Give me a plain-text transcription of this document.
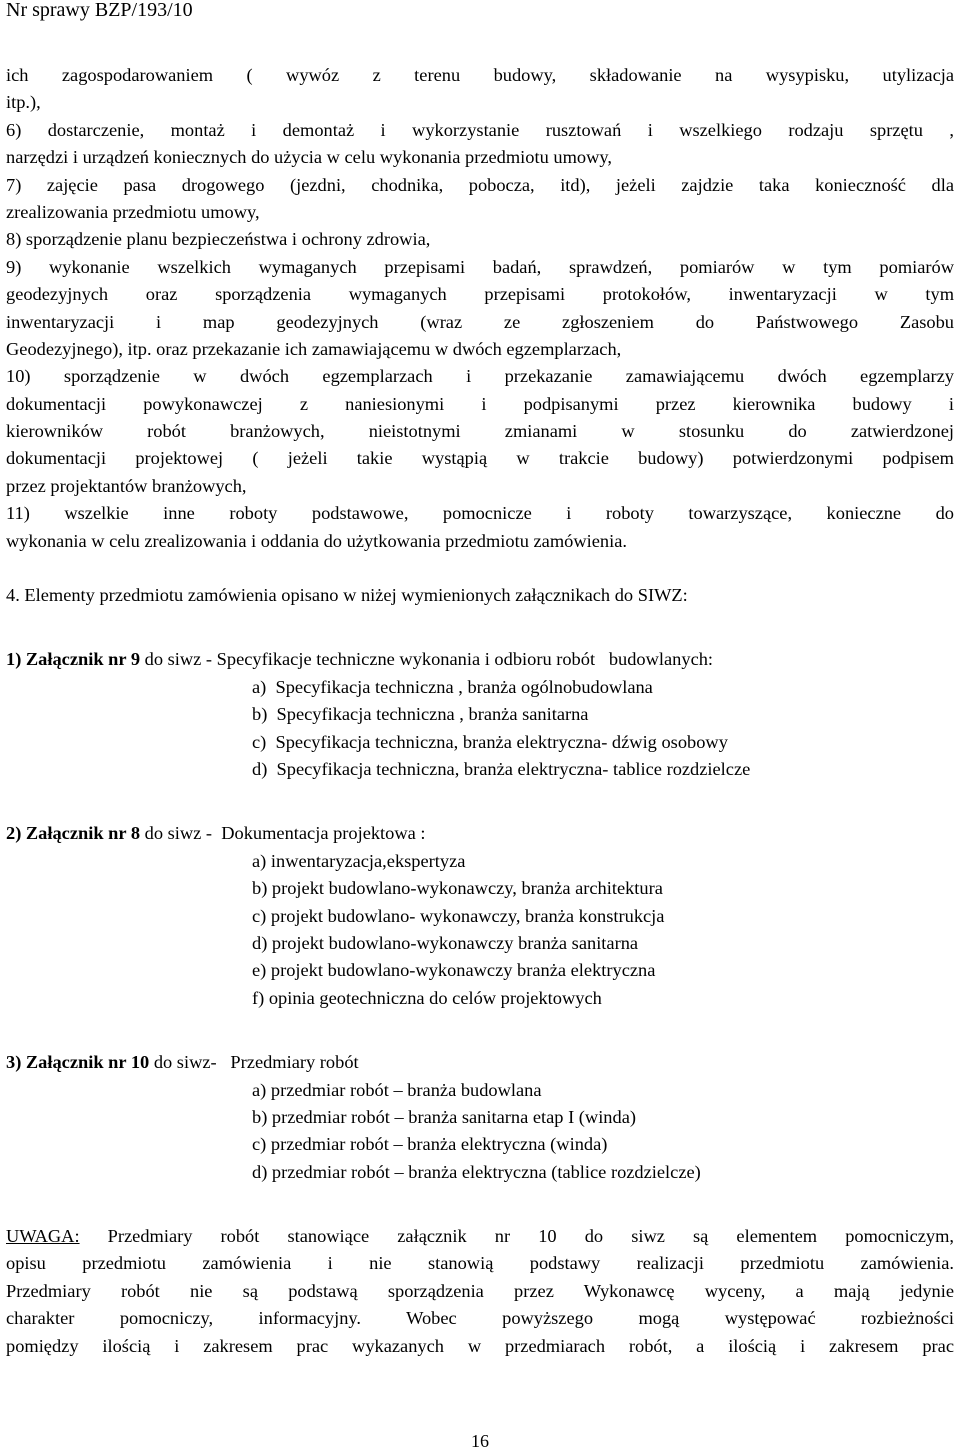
Nr sprawy BZP/193/10
ich zagospodarowaniem ( wywóz z terenu budowy, składowanie na wysypisku, utylizacja
itp.),
6) dostarczenie, montaż i demontaż i wykorzystanie rusztowań i wszelkiego rodzaju sprzętu ,
narzędzi i urządzeń koniecznych do użycia w celu wykonania przedmiotu umowy,
7) zajęcie pasa drogowego (jezdni, chodnika, pobocza, itd), jeżeli zajdzie taka konieczność dla
zrealizowania przedmiotu umowy,
8) sporządzenie planu bezpieczeństwa i ochrony zdrowia,
9) wykonanie wszelkich wymaganych przepisami badań, sprawdzeń, pomiarów w tym pomiarów
geodezyjnych oraz sporządzenia wymaganych przepisami protokołów, inwentaryzacji w tym
inwentaryzacji i map geodezyjnych (wraz ze zgłoszeniem do Państwowego Zasobu
Geodezyjnego), itp. oraz przekazanie ich zamawiającemu w dwóch egzemplarzach,
10) sporządzenie w dwóch egzemplarzach i przekazanie zamawiającemu dwóch egzemplarzy
dokumentacji powykonawczej z naniesionymi i podpisanymi przez kierownika budowy i
kierowników robót branżowych, nieistotnymi zmianami w stosunku do zatwierdzonej
dokumentacji projektowej ( jeżeli takie wystąpią w trakcie budowy) potwierdzonymi podpisem
przez projektantów branżowych,
11) wszelkie inne roboty podstawowe, pomocnicze i roboty towarzyszące, konieczne do
wykonania w celu zrealizowania i oddania do użytkowania przedmiotu zamówienia.
4. Elementy przedmiotu zamówienia opisano w niżej wymienionych załącznikach do SIWZ:
1) Załącznik nr 9 do siwz - Specyfikacje techniczne wykonania i odbioru robót   budowlanych:
a)  Specyfikacja techniczna , branża ogólnobudowlana
b)  Specyfikacja techniczna , branża sanitarna
c)  Specyfikacja techniczna, branża elektryczna- dźwig osobowy
d)  Specyfikacja techniczna, branża elektryczna- tablice rozdzielcze
2) Załącznik nr 8 do siwz -  Dokumentacja projektowa :
a) inwentaryzacja,ekspertyza
b) projekt budowlano-wykonawczy, branża architektura
c) projekt budowlano- wykonawczy, branża konstrukcja
d) projekt budowlano-wykonawczy branża sanitarna
e) projekt budowlano-wykonawczy branża elektryczna
f) opinia geotechniczna do celów projektowych
3) Załącznik nr 10 do siwz-   Przedmiary robót
a) przedmiar robót – branża budowlana
b) przedmiar robót – branża sanitarna etap I (winda)
c) przedmiar robót – branża elektryczna (winda)
d) przedmiar robót – branża elektryczna (tablice rozdzielcze)
UWAGA: Przedmiary robót stanowiące załącznik nr 10 do siwz są elementem pomocniczym,
opisu przedmiotu zamówienia i nie stanowią podstawy realizacji przedmiotu zamówienia.
Przedmiary robót nie są podstawą sporządzenia przez Wykonawcę wyceny, a mają jedynie
charakter pomocniczy, informacyjny. Wobec powyższego mogą występować rozbieżności
pomiędzy ilością i zakresem prac wykazanych w przedmiarach robót, a ilością i zakresem prac
16
